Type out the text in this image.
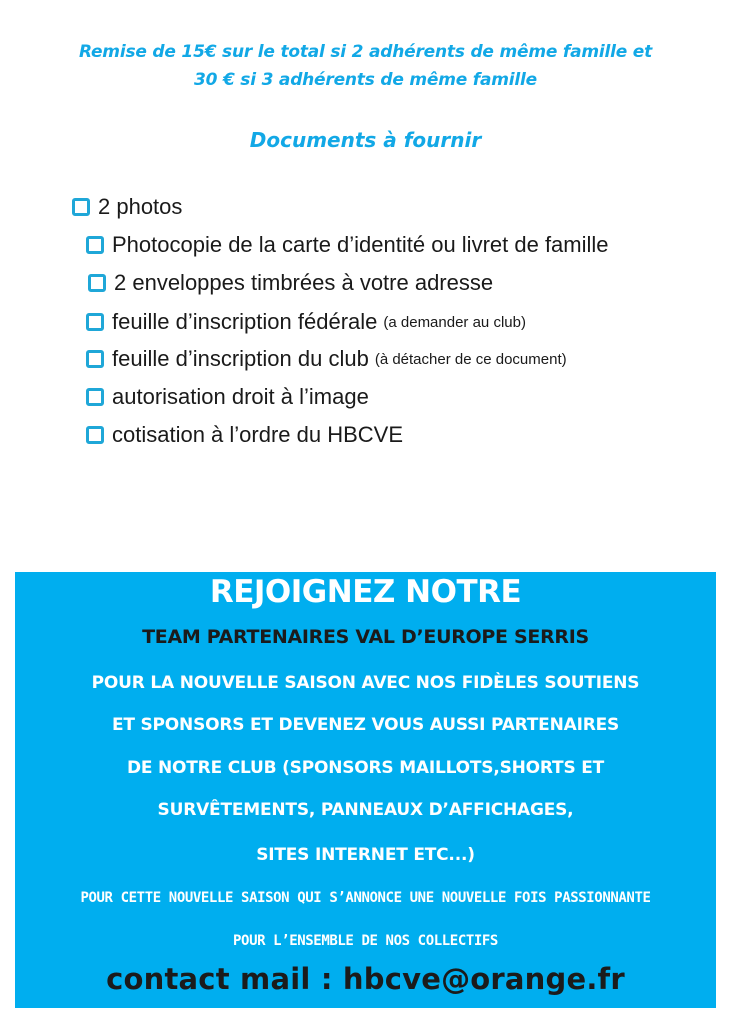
Remise de 15€ sur le total si 2 adhérents de même famille et
30 € si 3 adhérents de même famille
Documents à fournir
2 photos
Photocopie de la carte d’identité ou livret de famille
2 enveloppes timbrées à votre adresse
feuille d’inscription fédérale (a demander au club)
feuille d’inscription du club (à détacher de ce document)
autorisation droit à l’image
cotisation à l’ordre du HBCVE
REJOIGNEZ NOTRE
TEAM PARTENAIRES VAL D’EUROPE SERRIS
POUR LA NOUVELLE SAISON AVEC NOS FIDÈLES SOUTIENS
ET SPONSORS ET DEVENEZ VOUS AUSSI PARTENAIRES
DE NOTRE CLUB (SPONSORS MAILLOTS,SHORTS ET
SURVÊTEMENTS, PANNEAUX D’AFFICHAGES,
SITES INTERNET ETC...)
POUR CETTE NOUVELLE SAISON QUI S’ANNONCE UNE NOUVELLE FOIS PASSIONNANTE
POUR L’ENSEMBLE DE NOS COLLECTIFS
contact mail : hbcve@orange.fr
